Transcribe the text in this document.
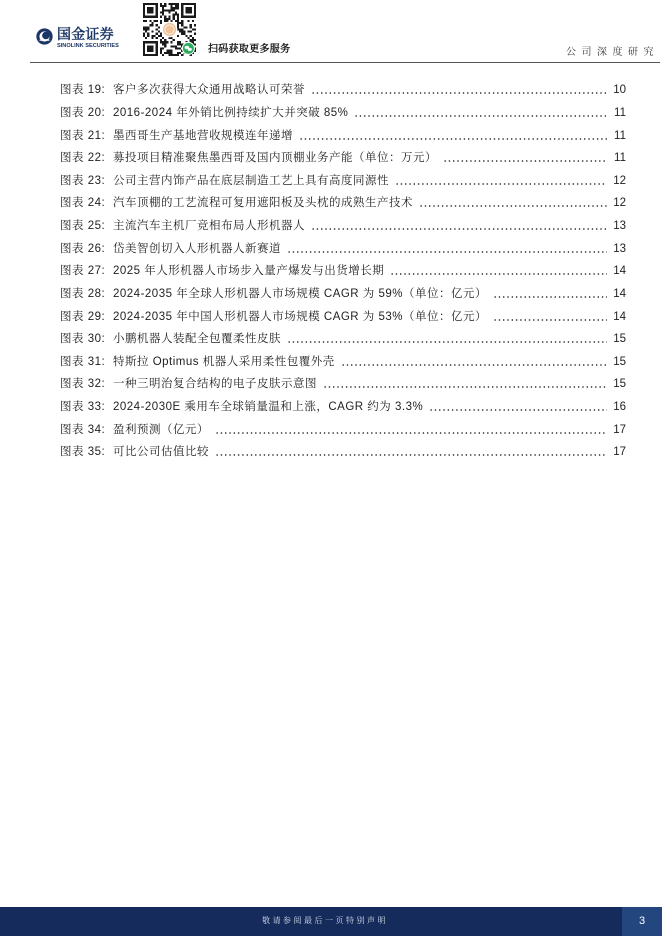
国金证券
SINOLINK SECURITIES	扫码获取更多服务	公司深度研究
图表 19: 客户多次获得大众通用战略认可荣誉	10
图表 20: 2016-2024 年外销比例持续扩大并突破 85%	11
图表 21: 墨西哥生产基地营收规模连年递增	11
图表 22: 募投项目精准聚焦墨西哥及国内顶棚业务产能（单位：万元）	11
图表 23: 公司主营内饰产品在底层制造工艺上具有高度同源性	12
图表 24: 汽车顶棚的工艺流程可复用遮阳板及头枕的成熟生产技术	12
图表 25: 主流汽车主机厂竞相布局人形机器人	13
图表 26: 岱美智创切入人形机器人新赛道	13
图表 27: 2025 年人形机器人市场步入量产爆发与出货增长期	14
图表 28: 2024-2035 年全球人形机器人市场规模 CAGR 为 59%（单位：亿元）	14
图表 29: 2024-2035 年中国人形机器人市场规模 CAGR 为 53%（单位：亿元）	14
图表 30: 小鹏机器人装配全包覆柔性皮肤	15
图表 31: 特斯拉 Optimus 机器人采用柔性包覆外壳	15
图表 32: 一种三明治复合结构的电子皮肤示意图	15
图表 33: 2024-2030E 乘用车全球销量温和上涨，CAGR 约为 3.3%	16
图表 34: 盈利预测（亿元）	17
图表 35: 可比公司估值比较	17
敬请参阅最后一页特别声明	3
